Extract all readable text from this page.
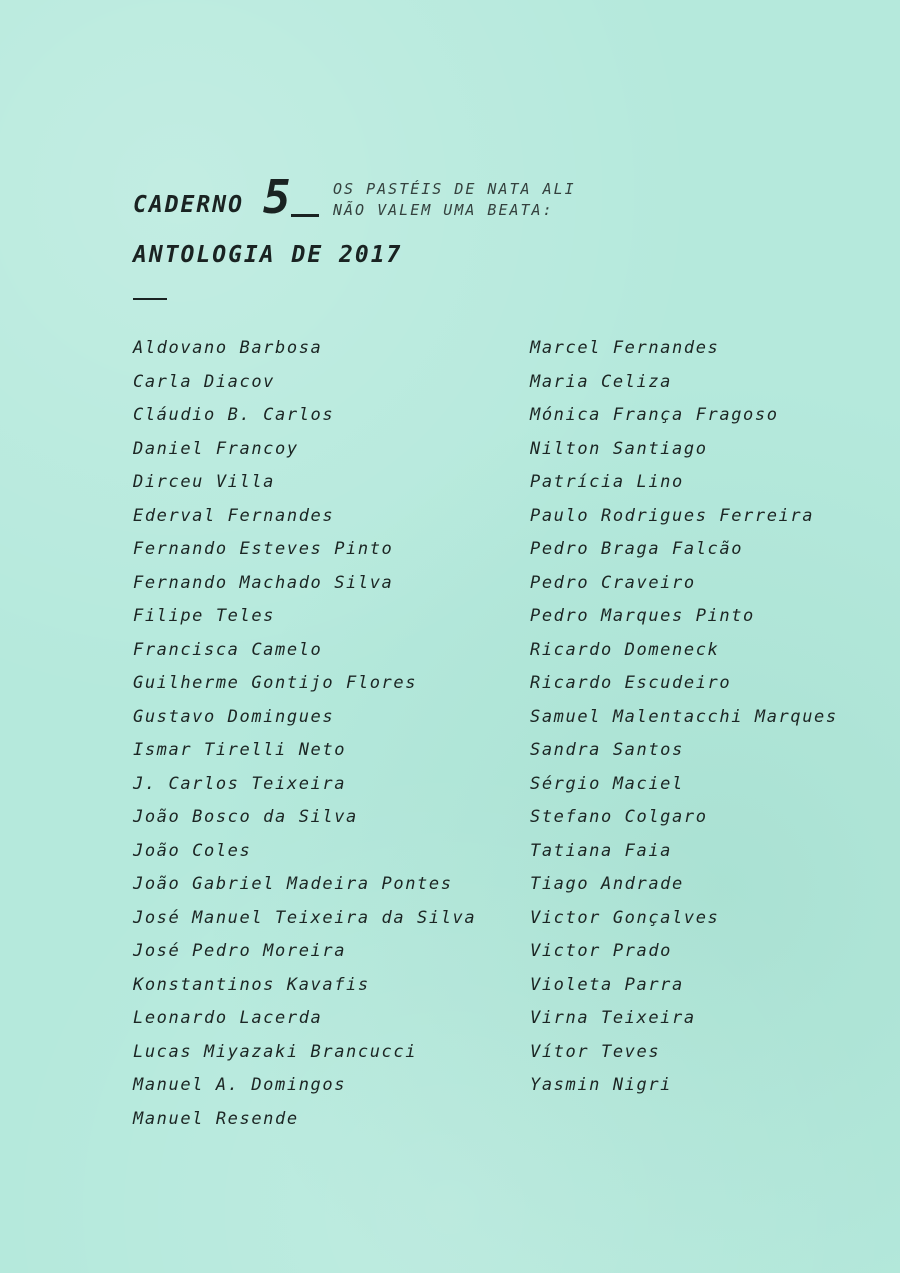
CADERNO 5	OS PASTÉIS DE NATA ALI
NÃO VALEM UMA BEATA:
ANTOLOGIA DE 2017
Aldovano Barbosa
Carla Diacov
Cláudio B. Carlos
Daniel Francoy
Dirceu Villa
Ederval Fernandes
Fernando Esteves Pinto
Fernando Machado Silva
Filipe Teles
Francisca Camelo
Guilherme Gontijo Flores
Gustavo Domingues
Ismar Tirelli Neto
J. Carlos Teixeira
João Bosco da Silva
João Coles
João Gabriel Madeira Pontes
José Manuel Teixeira da Silva
José Pedro Moreira
Konstantinos Kavafis
Leonardo Lacerda
Lucas Miyazaki Brancucci
Manuel A. Domingos
Manuel Resende
Marcel Fernandes
Maria Celiza
Mónica França Fragoso
Nilton Santiago
Patrícia Lino
Paulo Rodrigues Ferreira
Pedro Braga Falcão
Pedro Craveiro
Pedro Marques Pinto
Ricardo Domeneck
Ricardo Escudeiro
Samuel Malentacchi Marques
Sandra Santos
Sérgio Maciel
Stefano Colgaro
Tatiana Faia
Tiago Andrade
Victor Gonçalves
Victor Prado
Violeta Parra
Virna Teixeira
Vítor Teves
Yasmin Nigri
